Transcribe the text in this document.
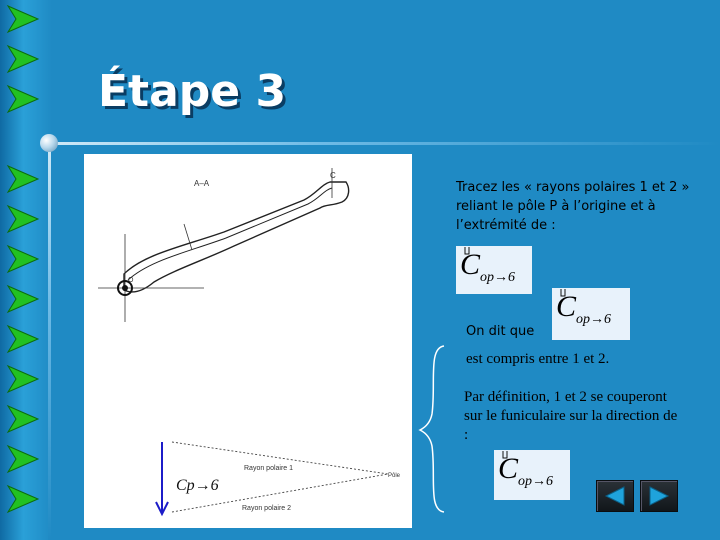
Étape 3
A–A
C
O
Rayon polaire 1
Rayon polaire 2
Pôle
Cp→6
Tracez les « rayons polaires 1 et 2 » reliant le pôle P à l’origine et à l’extrémité de :
C op→6
On dit que
C op→6
est compris entre 1 et 2.
Par définition, 1 et 2 se couperont sur le funiculaire sur la direction de :
C op→6
